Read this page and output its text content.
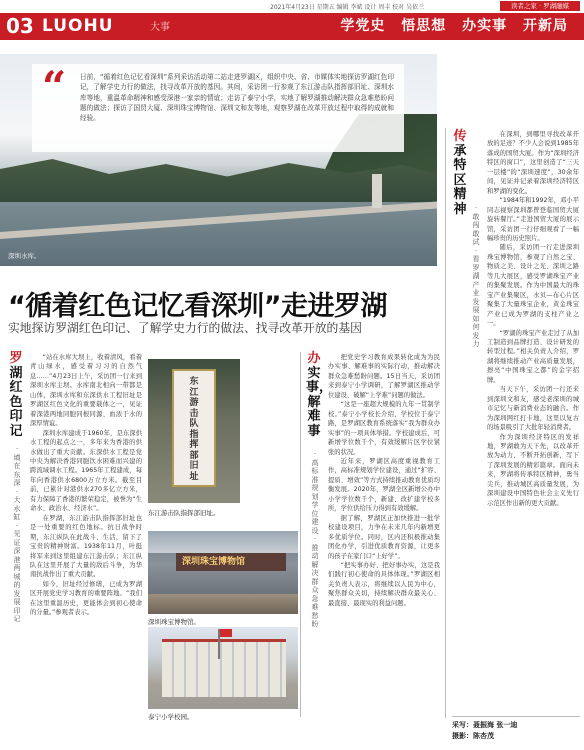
2021年4月23日 星期五 编辑 李斌 设计 周丰 校对 吴依兰	读者之家 · 罗湖融媒
03 LUOHU	大事	学党史 悟思想 办实事 开新局
深圳水库。
“ 日前，“循着红色记忆看深圳”系列采访活动第二站走进罗湖区，组织中央、省、市媒体实地探访罗湖红色印记，了解学史力行的做法，找寻改革开放的基因。其间，采访团一行参观了东江游击队指挥部旧址、深圳水库等地，重温革命精神和感受深港一家亲的情谊；走访了泰宁小学，实地了解罗湖推动解决群众急难愁盼问题的做法；探访了国贸大厦、深圳珠宝博物馆、深圳文和友等地，观察罗湖在改革开放过程中取得的成就和经验。

传承特区精神	· 敢闯敢试 · 看罗湖产业发展如何发力
“循着红色记忆看深圳”走进罗湖
实地探访罗湖红色印记、了解学史力行的做法、找寻改革开放的基因
罗湖红色印记
· 填在东深 · 大水缸 · 见证深港两城的发展印记

“站在水库大坝上，收着清风，看着青山绿水，感受着习习的自然气息……”4月23日上午，采访团一行来到深圳水库主坝。水库南北相向一带都是山体，深圳水库和东深供水工程旧址是罗湖区红色文化的重要载体之一，见证着深港两地同胞同根同源、血浓于水的深厚情谊。

深圳水库建成于1960年，是东深供水工程的起点之一，多年来为香港的供水做出了重大贡献。东深供水工程是党中央为解决香港同胞饮水困难而兴建的跨流域调水工程。1965年工程建成，每年向香港供水6800万立方米。截至目前，已累计对港供水270多亿立方米，有力保障了香港的繁荣稳定，被誉为“生命水、政治水、经济水”。

在罗湖，东江游击队指挥部旧址也是一处重要的红色地标。抗日战争时期，东江纵队在此战斗、生活，留下了宝贵的精神财富。1938年11月，叶挺将军来到这里组建东江游击队；东江纵队在这里开展了大量的敌后斗争，为华南抗战作出了重大贡献。

如今，旧址经过修缮，已成为罗湖区开展党史学习教育的重要阵地。“我们在这里重温历史，更能体会到初心使命的分量。”参观者表示。

东江游击队指挥部旧址
东江游击队指挥部旧址。
深圳珠宝博物馆
深圳珠宝博物馆。
泰宁小学校园。
办实事，解难事
· 高标准规划学位建设 · 推动解决群众急难愁盼

把党史学习教育成果转化成为为民办实事、解难事的实际行动，推动解决群众急难愁盼问题。15日当天，采访团来到泰宁小学调研，了解罗湖区推动学位建设、破解“上学难”问题的做法。

“这是一座超大规模的九年一贯制学校。”泰宁小学校长介绍，学校位于泰宁路，是罗湖区教育系统落实“我为群众办实事”的一项具体举措。学校建成后，可新增学位数千个，有效缓解片区学位紧张的状况。

近年来，罗湖区高度重视教育工作，高标准规划学位建设，通过“扩容、提质、增效”等方式持续推动教育优质均衡发展。2020年，罗湖全区新增公办中小学学位数千个，新建、改扩建学校多所，学位供给压力得到有效缓解。

据了解，罗湖区正加快推进一批学校建设项目，力争在未来几年内新增更多优质学位。同时，区内还积极推动集团化办学，引进优质教育资源，让更多的孩子在家门口“上好学”。

“把实事办好、把好事办实，这是我们践行初心使命的具体体现。”罗湖区相关负责人表示，将继续以人民为中心，聚焦群众关切，持续解决群众最关心、最直接、最现实的利益问题。

在深圳，到哪里寻找改革开放的足迹？不少人会说到1985年落成的国贸大厦。作为“深圳经济特区的窗口”，这里创造了“三天一层楼”的“深圳速度”，30余年间，见证并记录着深圳经济特区和罗湖的变化。

“1984年和1992年，邓小平同志视察深圳都曾登临国贸大厦旋转餐厅。”走进国贸大厦的展示馆，采访团一行仔细观看了一幅幅珍贵的历史照片。

随后，采访团一行走进深圳珠宝博物馆，参观了自然之宝、物质之美、设计之光、深圳之路等几大展区，感受罗湖珠宝产业的集聚发展。作为中国最大的珠宝产业集聚区，水贝—布心片区聚集了大量珠宝企业，黄金珠宝产业已成为罗湖的支柱产业之一。

“罗湖的珠宝产业走过了从加工制造到品牌打造、设计研发的转型过程。”相关负责人介绍，罗湖将继续推动产业高质量发展，擦亮“中国珠宝之都”的金字招牌。

当天下午，采访团一行还来到深圳文和友，感受老深圳的城市记忆与新消费业态的融合。作为深圳网红打卡地，这里以复古的场景吸引了大批年轻消费者。

作为深圳经济特区的发祥地，罗湖敢为天下先，以改革开放为动力，不断开拓创新，写下了深圳发展的精彩篇章。面向未来，罗湖将传承特区精神，勇当尖兵，推动城区高质量发展，为深圳建设中国特色社会主义先行示范区作出新的更大贡献。

采写：聂振海 张一迪
摄影：陈杏茂
